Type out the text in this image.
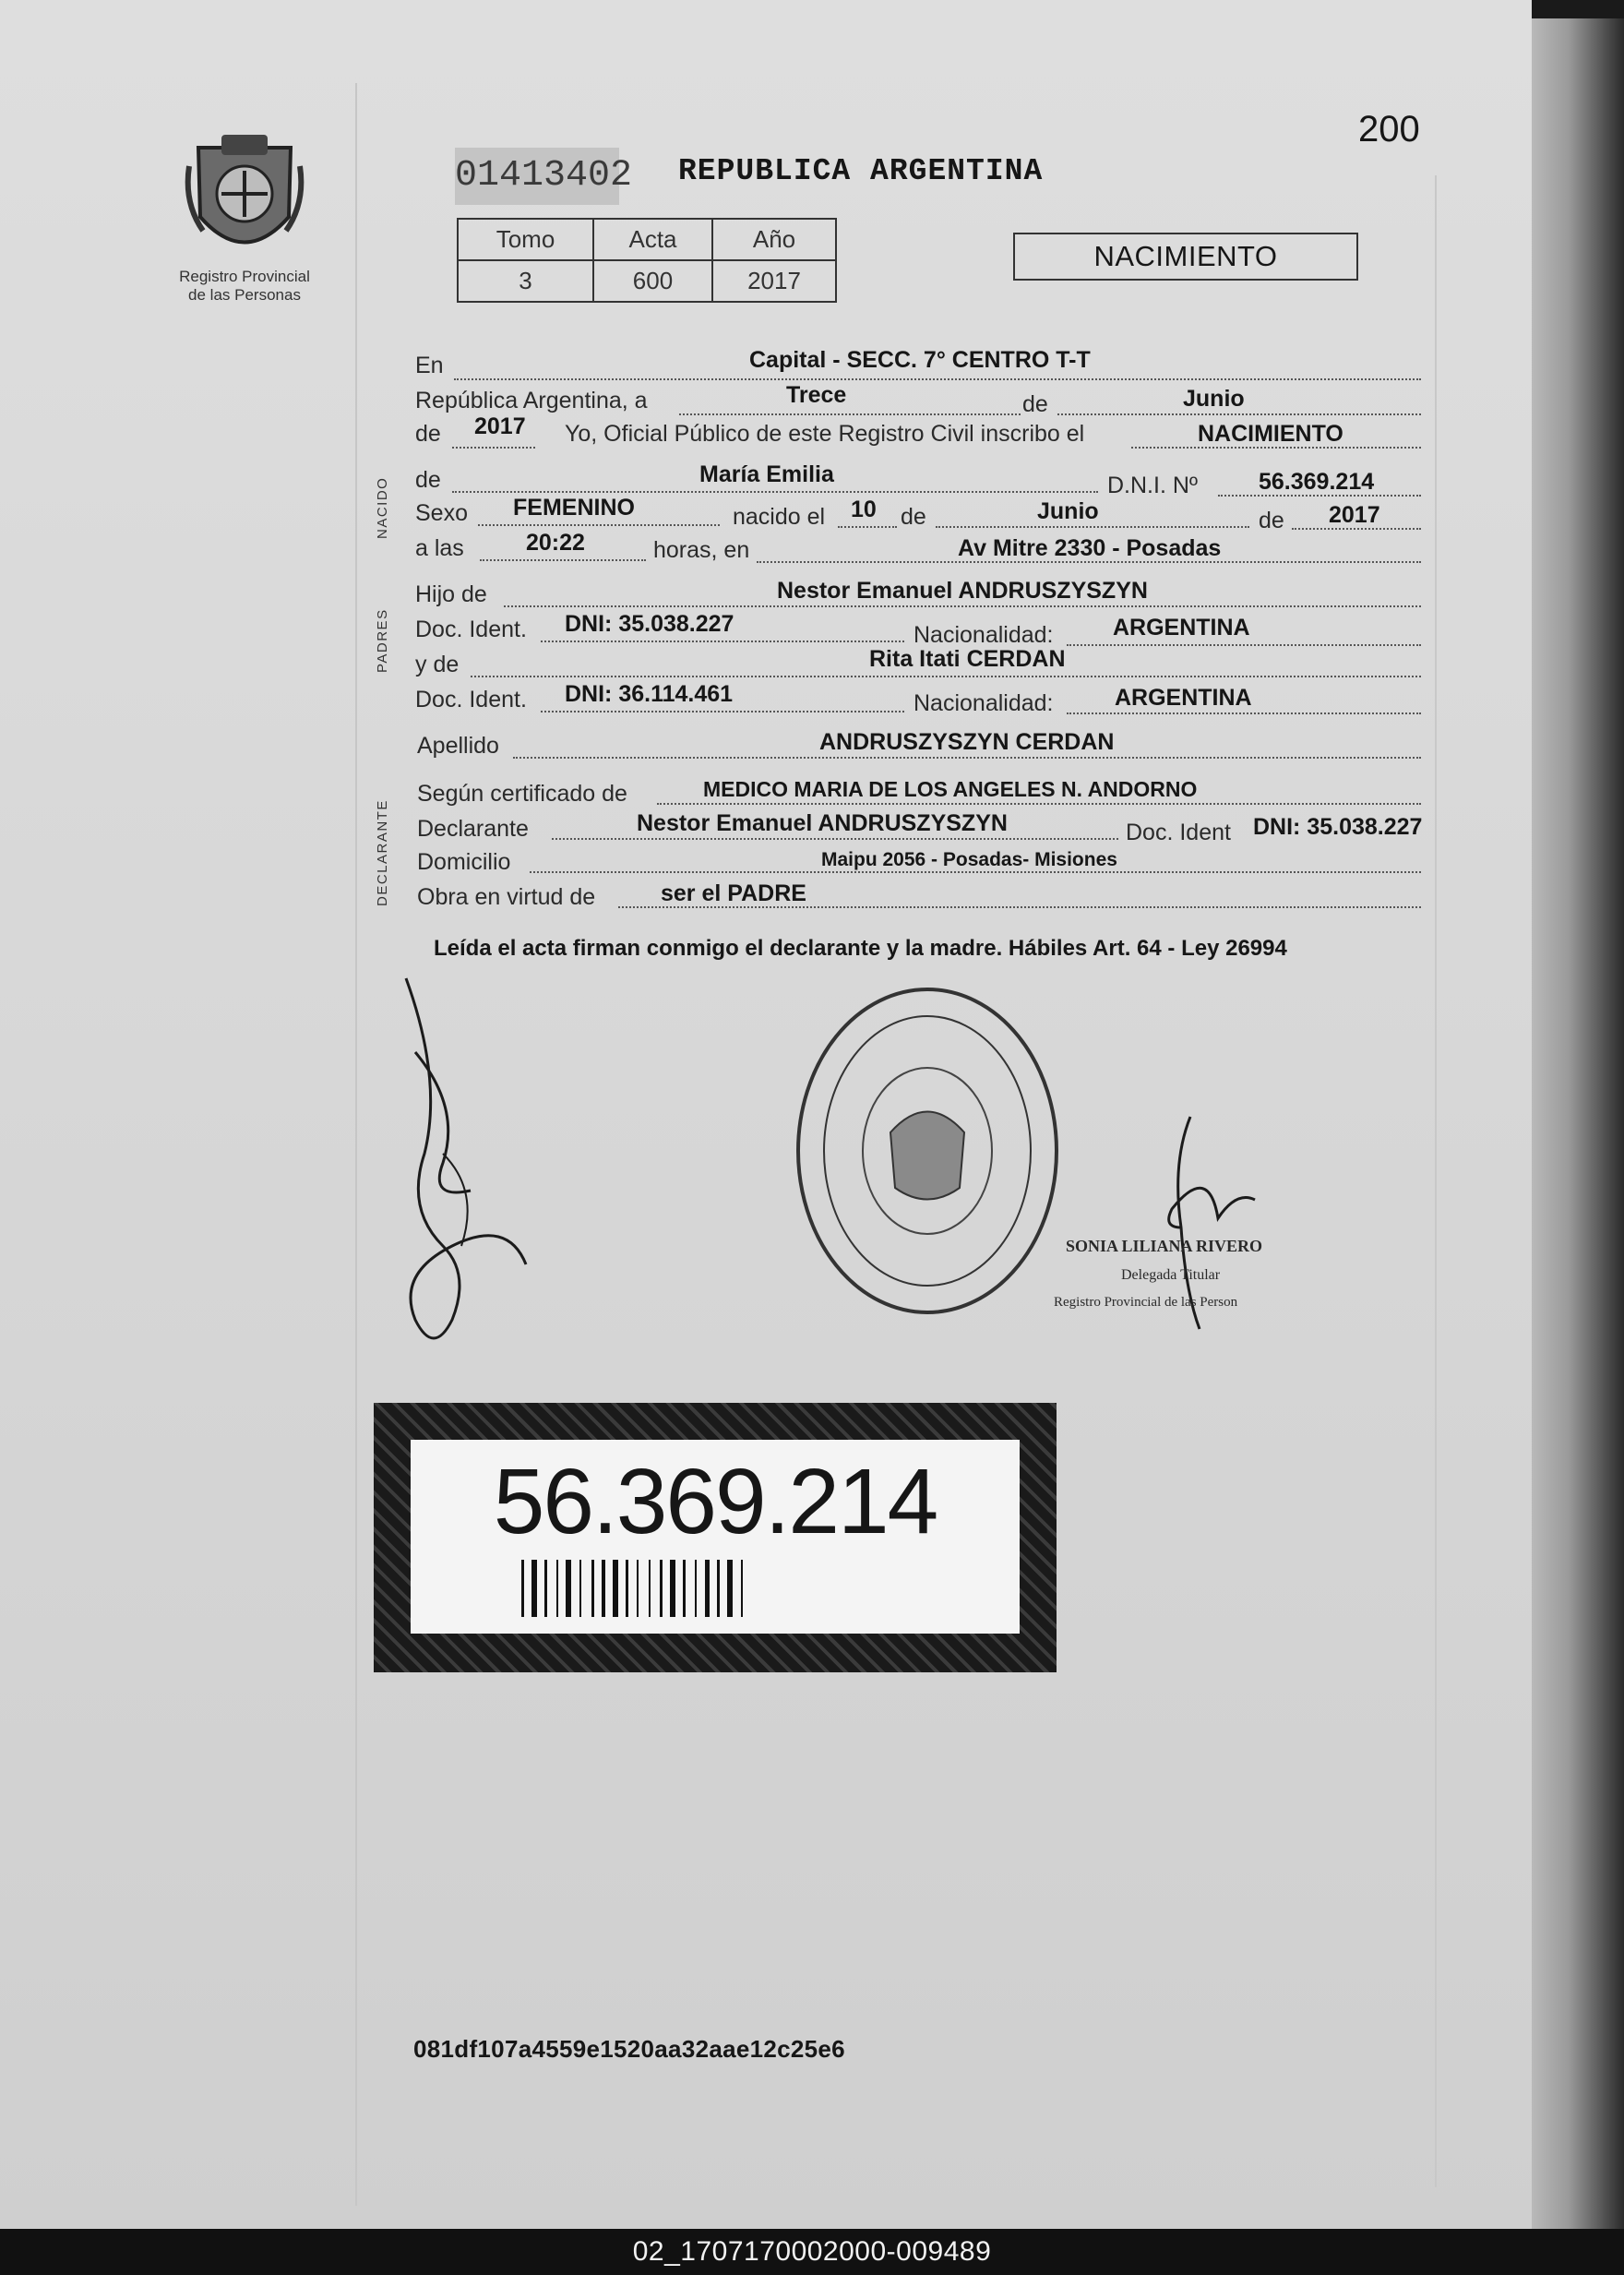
200
01413402 REPUBLICA ARGENTINA
Registro Provincial
de las Personas
Tomo	Acta	Año
3	600	2017
NACIMIENTO
NACIDO
PADRES
DECLARANTE
En	Capital - SECC. 7° CENTRO T-T
República Argentina, a	Trece	de	Junio
de 2017 Yo, Oficial Público de este Registro Civil inscribo el	NACIMIENTO
de	María Emilia	D.N.I. Nº	56.369.214
Sexo FEMENINO	nacido el 10 de	Junio	de 2017
a las	20:22	horas, en	Av Mitre 2330 - Posadas
Hijo de	Nestor Emanuel ANDRUSZYSZYN
Doc. Ident. DNI: 35.038.227	Nacionalidad:	ARGENTINA
y de	Rita Itati CERDAN
Doc. Ident. DNI: 36.114.461	Nacionalidad:	ARGENTINA
Apellido	ANDRUSZYSZYN CERDAN
Según certificado de	MEDICO MARIA DE LOS ANGELES N. ANDORNO
Declarante	Nestor Emanuel ANDRUSZYSZYN	Doc. Ident DNI: 35.038.227
Domicilio	Maipu 2056 - Posadas- Misiones
Obra en virtud de	ser el PADRE
Leída el acta firman conmigo el declarante y la madre. Hábiles Art. 64 - Ley 26994
SONIA LILIANA RIVERO
Delegada Titular
Registro Provincial de las Person
56.369.214
081df107a4559e1520aa32aae12c25e6
02_1707170002000-009489
